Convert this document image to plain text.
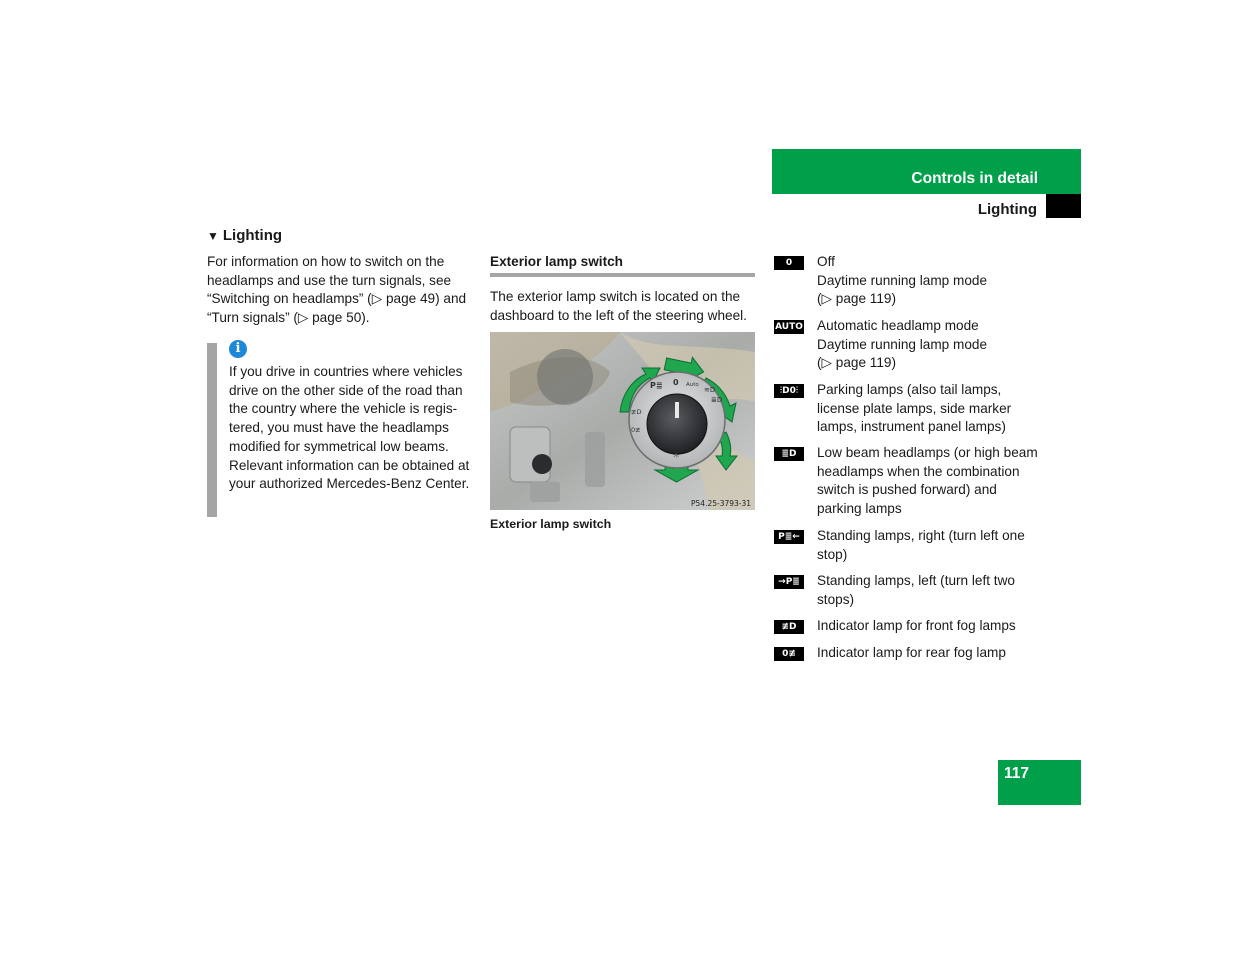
Controls in detail
Lighting
▼ Lighting
For information on how to switch on the headlamps and use the turn signals, see “Switching on headlamps” (▷ page 49) and “Turn signals” (▷ page 50).
i
If you drive in countries where vehicles drive on the other side of the road than the country where the vehicle is regis-tered, you must have the headlamps modified for symmetrical low beams. Relevant information can be obtained at your authorized Mercedes-Benz Center.
Exterior lamp switch
The exterior lamp switch is located on the dashboard to the left of the steering wheel.
P≣ 0 Auto
≋D
≣D
≢D
0≢
☼
P54.25-3793-31
Exterior lamp switch
0	Off
Daytime running lamp mode
(▷ page 119)
AUTO Automatic headlamp mode
Daytime running lamp mode
(▷ page 119)
⫶D0⫶	Parking lamps (also tail lamps, license plate lamps, side marker lamps, instrument panel lamps)
≣D	Low beam headlamps (or high beam headlamps when the combination switch is pushed forward) and parking lamps
P≣←	Standing lamps, right (turn left one stop)
→P≣	Standing lamps, left (turn left two stops)
≢D	Indicator lamp for front fog lamps
0≢	Indicator lamp for rear fog lamp
117
